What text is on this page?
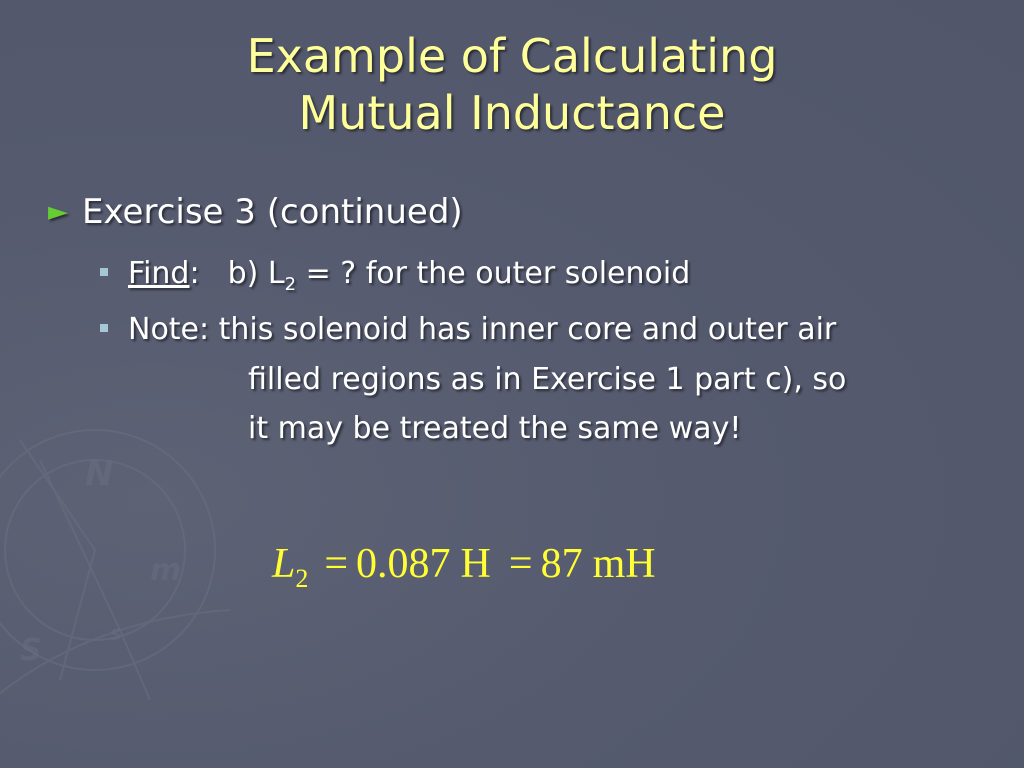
N
m
S	S
Example of Calculating
Mutual Inductance
► Exercise 3 (continued)
Find: b) $L_2$ = ? for the outer solenoid
Note: this solenoid has inner core and outer air
filled regions as in Exercise 1 part c), so
it may be treated the same way!
$L_2 = 0.087$ H = 87 mH
